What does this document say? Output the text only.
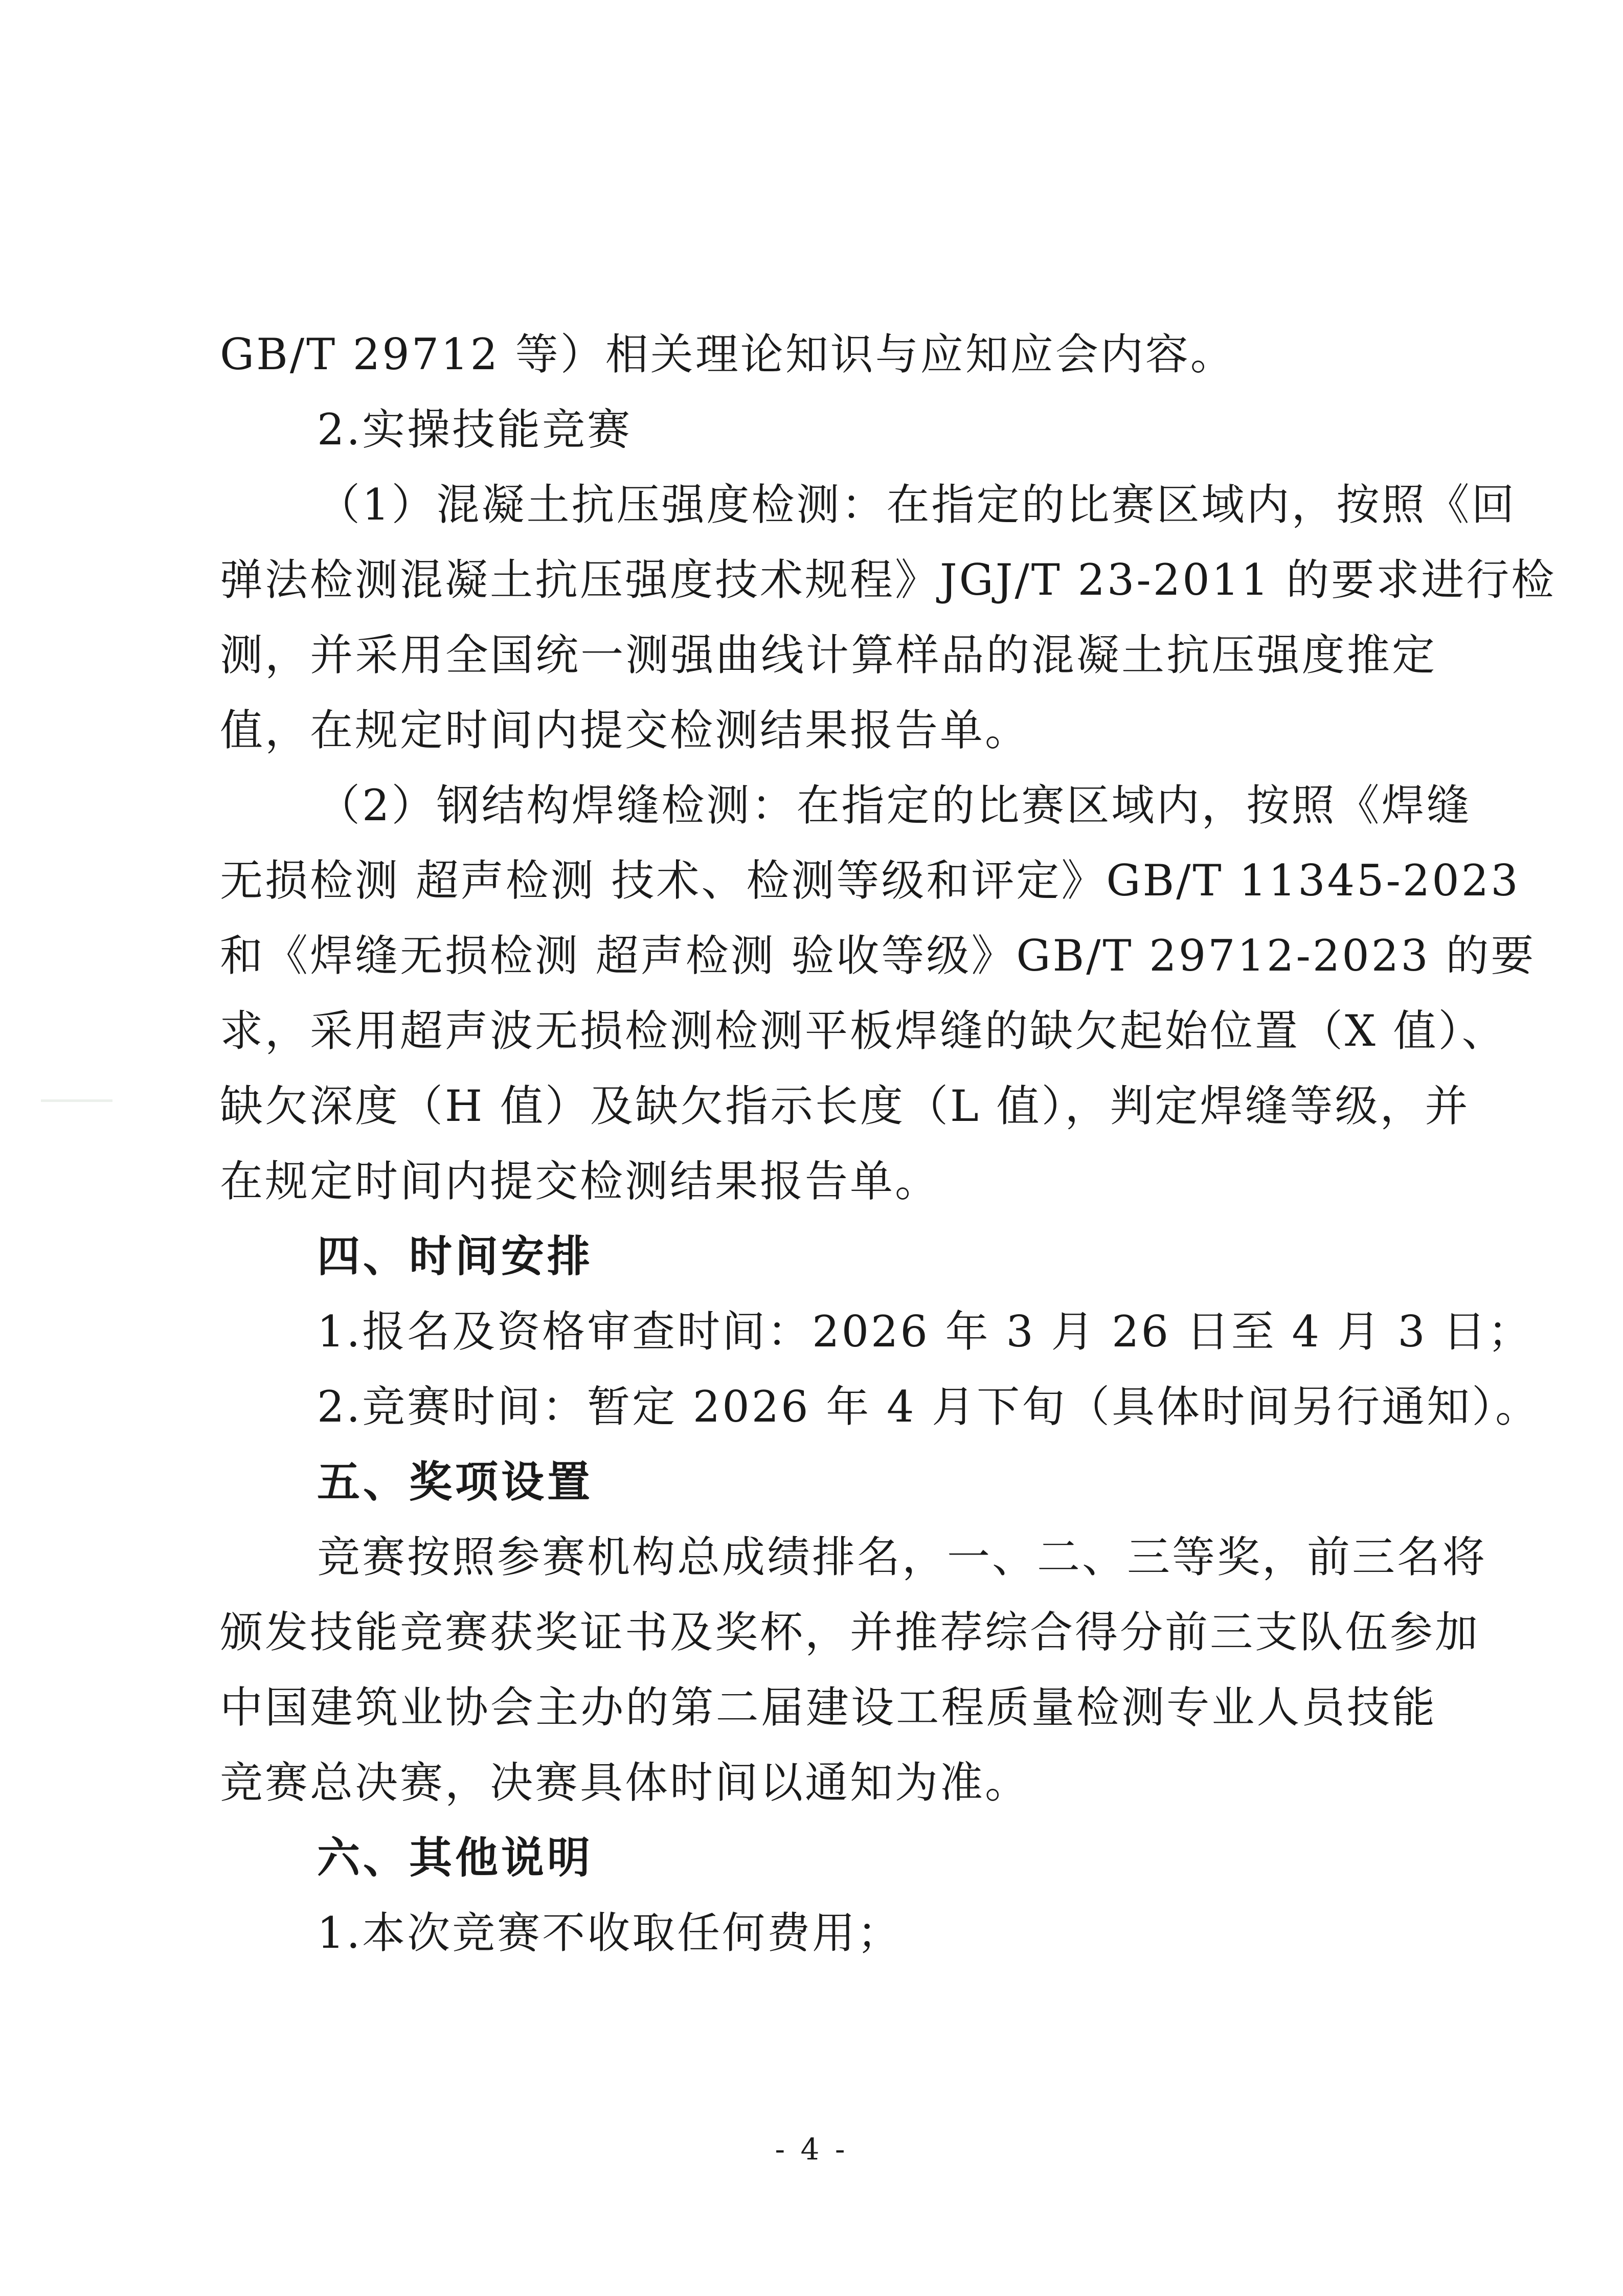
GB/T 29712 等）相关理论知识与应知应会内容。
2.实操技能竞赛
（1）混凝土抗压强度检测：在指定的比赛区域内，按照《回
弹法检测混凝土抗压强度技术规程》JGJ/T 23-2011 的要求进行检
测，并采用全国统一测强曲线计算样品的混凝土抗压强度推定
值，在规定时间内提交检测结果报告单。
（2）钢结构焊缝检测：在指定的比赛区域内，按照《焊缝
无损检测 超声检测 技术、检测等级和评定》GB/T 11345-2023
和《焊缝无损检测 超声检测 验收等级》GB/T 29712-2023 的要
求，采用超声波无损检测检测平板焊缝的缺欠起始位置（X 值）、
缺欠深度（H 值）及缺欠指示长度（L 值），判定焊缝等级，并
在规定时间内提交检测结果报告单。
四、时间安排
1.报名及资格审查时间：2026 年 3 月 26 日至 4 月 3 日；
2.竞赛时间：暂定 2026 年 4 月下旬（具体时间另行通知）。
五、奖项设置
竞赛按照参赛机构总成绩排名，一、二、三等奖，前三名将
颁发技能竞赛获奖证书及奖杯，并推荐综合得分前三支队伍参加
中国建筑业协会主办的第二届建设工程质量检测专业人员技能
竞赛总决赛，决赛具体时间以通知为准。
六、其他说明
1.本次竞赛不收取任何费用；
- 4 -
